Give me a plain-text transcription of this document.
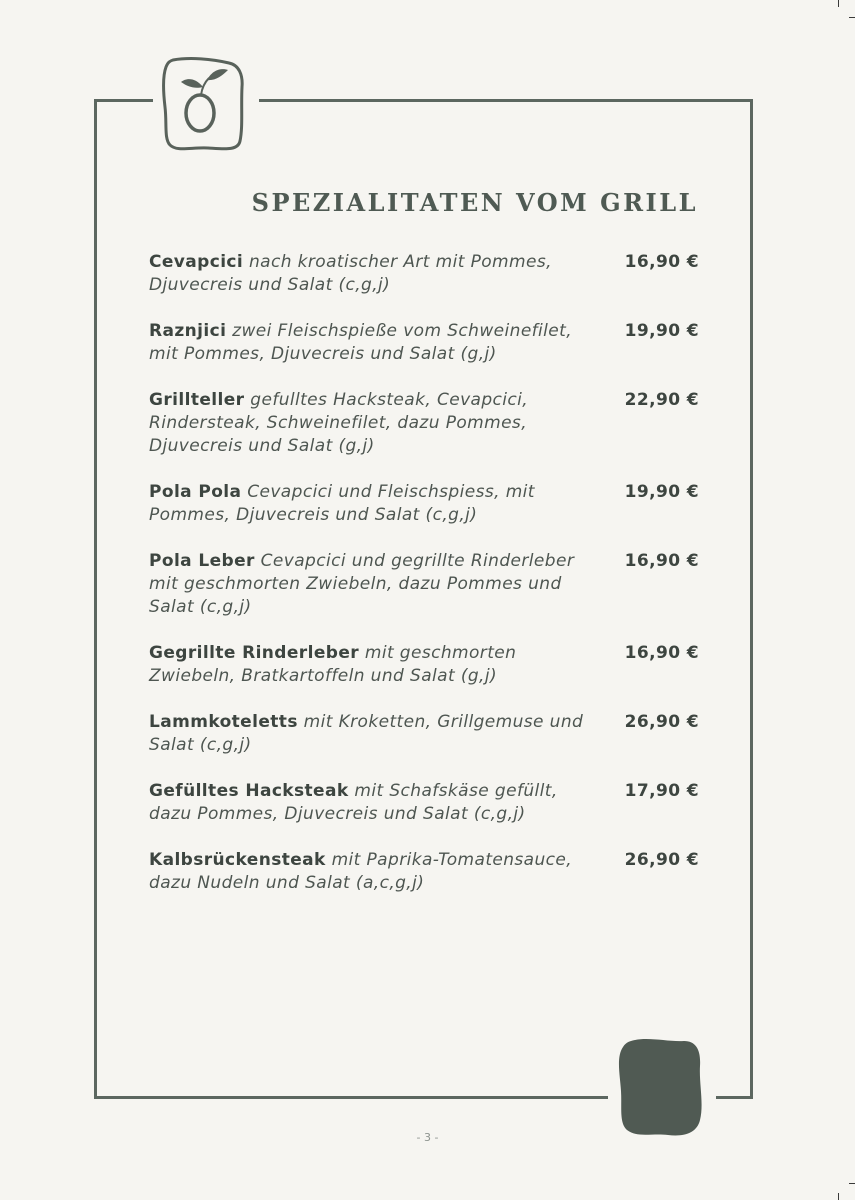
SPEZIALITATEN VOM GRILL
Cevapcici nach kroatischer Art mit Pommes, Djuvecreis und Salat (c,g,j)
16,90 €
Raznjici zwei Fleischspieße vom Schweinefilet, mit Pommes, Djuvecreis und Salat (g,j)
19,90 €
Grillteller gefulltes Hacksteak, Cevapcici, Rindersteak, Schweinefilet, dazu Pommes, Djuvecreis und Salat (g,j)
22,90 €
Pola Pola Cevapcici und Fleischspiess, mit Pommes, Djuvecreis und Salat (c,g,j)
19,90 €
Pola Leber Cevapcici und gegrillte Rinderleber mit geschmorten Zwiebeln, dazu Pommes und Salat (c,g,j)
16,90 €
Gegrillte Rinderleber mit geschmorten Zwiebeln, Bratkartoffeln und Salat (g,j)
16,90 €
Lammkoteletts mit Kroketten, Grillgemuse und Salat (c,g,j)
26,90 €
Gefülltes Hacksteak mit Schafskäse gefüllt, dazu Pommes, Djuvecreis und Salat (c,g,j)
17,90 €
Kalbsrückensteak mit Paprika-Tomatensauce, dazu Nudeln und Salat (a,c,g,j)
26,90 €
- 3 -
